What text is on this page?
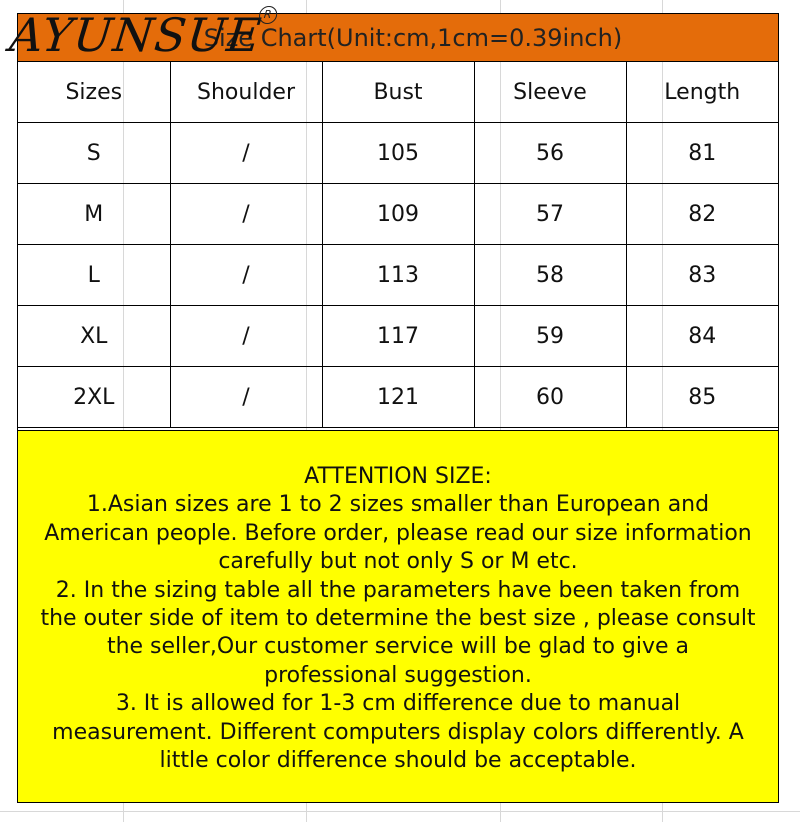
Size Chart(Unit:cm,1cm=0.39inch)
Sizes	Shoulder	Bust	Sleeve	Length
S	/	105	56	81
M	/	109	57	82
L	/	113	58	83
XL	/	117	59	84
2XL	/	121	60	85

ATTENTION SIZE:

1.Asian sizes are 1 to 2 sizes smaller than European and

American people. Before order, please read our size information

carefully but not only S or M etc.

2. In the sizing table all the parameters have been taken from

the outer side of item to determine the best size , please consult

the seller,Our customer service will be glad to give a

professional suggestion.

3. It is allowed for 1-3 cm difference due to manual

measurement. Different computers display colors differently. A

little color difference should be acceptable.

AYUNSUE
R
